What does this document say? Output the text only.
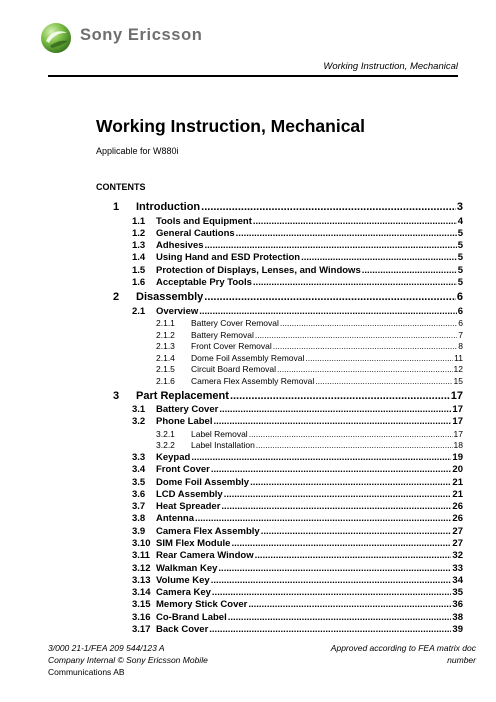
Sony Ericsson
Working Instruction, Mechanical
Working Instruction, Mechanical
Applicable for W880i
CONTENTS
1	Introduction .....	3
1.1	Tools and Equipment .....	4
1.2	General Cautions .....	5
1.3	Adhesives .....	5
1.4	Using Hand and ESD Protection .....	5
1.5	Protection of Displays, Lenses, and Windows .....	5
1.6	Acceptable Pry Tools .....	5
2	Disassembly .....	6
2.1	Overview .....	6
2.1.1	Battery Cover Removal .....	6
2.1.2	Battery Removal .....	7
2.1.3	Front Cover Removal .....	8
2.1.4	Dome Foil Assembly Removal .....	11
2.1.5	Circuit Board Removal .....	12
2.1.6	Camera Flex Assembly Removal .....	15
3	Part Replacement .....	17
3.1	Battery Cover .....	17
3.2	Phone Label .....	17
3.2.1	Label Removal .....	17
3.2.2	Label Installation .....	18
3.3	Keypad .....	19
3.4	Front Cover .....	20
3.5	Dome Foil Assembly .....	21
3.6	LCD Assembly .....	21
3.7	Heat Spreader .....	26
3.8	Antenna .....	26
3.9	Camera Flex Assembly .....	27
3.10 SIM Flex Module .....	27
3.11 Rear Camera Window .....	32
3.12 Walkman Key .....	33
3.13 Volume Key .....	34
3.14 Camera Key .....	35
3.15 Memory Stick Cover .....	36
3.16 Co-Brand Label .....	38
3.17 Back Cover .....	39
3/000 21-1/FEA 209 544/123 A
Company Internal © Sony Ericsson Mobile
Communications AB
Approved according to FEA matrix doc
number
